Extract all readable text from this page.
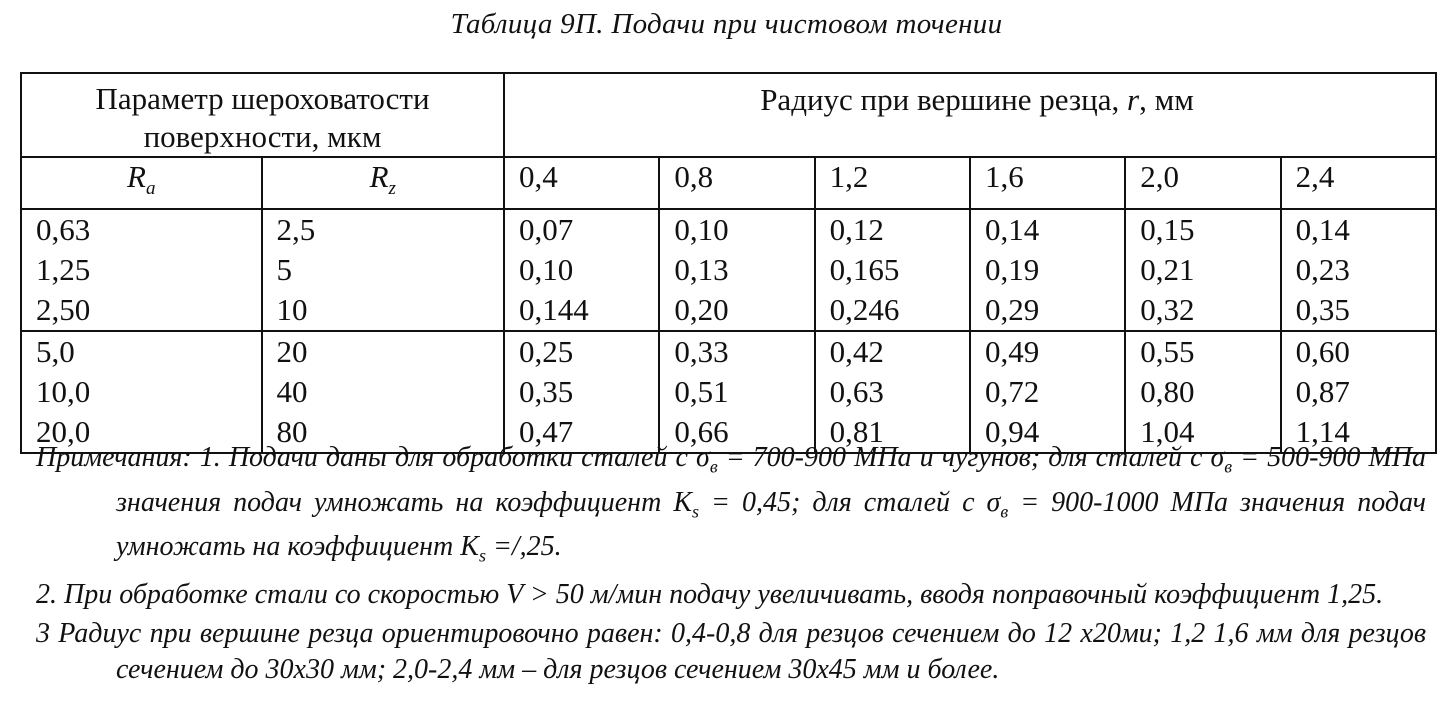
Таблица 9П. Подачи при чистовом точении
Параметр шероховатости
поверхности, мкм		Радиус при вершине резца, r, мм					
$R_a$	$R_z$	0,4	0,8	1,2	1,6	2,0	2,4
0,63	2,5	0,07	0,10	0,12	0,14	0,15	0,14
1,25	5	0,10	0,13	0,165	0,19	0,21	0,23
2,50	10	0,144	0,20	0,246	0,29	0,32	0,35
5,0	20	0,25	0,33	0,42	0,49	0,55	0,60
10,0	40	0,35	0,51	0,63	0,72	0,80	0,87
20,0	80	0,47	0,66	0,81	0,94	1,04	1,14
Примечания: 1. Подачи даны для обработки сталей с $\sigma_в = 700-900$ МПа и чугунов; для сталей с $\sigma_в = 500-900$ МПа значения подач умножать на коэффициент $K_s = 0,45$; для сталей с $\sigma_в = 900-1000$ МПа значения подач умножать на коэффициент $K_s =/,25$.
2. При обработке стали со скоростью V > 50 м/мин подачу увеличивать, вводя поправочный коэффициент 1,25.
3 Радиус при вершине резца ориентировочно равен: 0,4-0,8 для резцов сечением до 12 х20ми; 1,2 1,6 мм для резцов сечением до 30х30 мм; 2,0-2,4 мм – для резцов сечением 30х45 мм и более.
